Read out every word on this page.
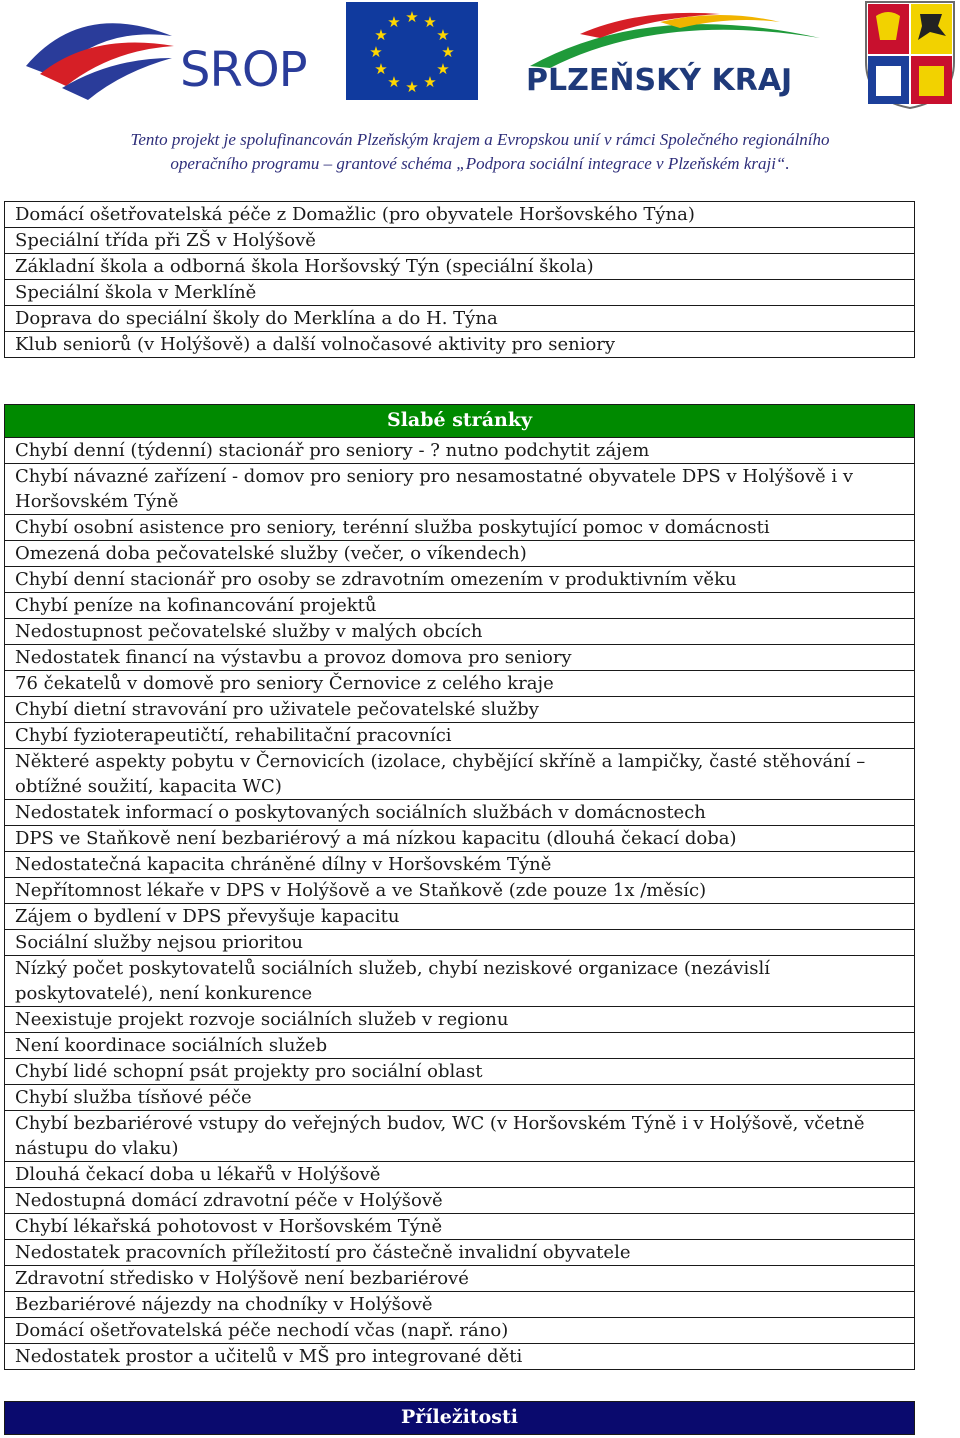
SROP
★ ★
★
★
★
★
★
★
★
★
★
★
PLZEŇSKÝ KRAJ
Tento projekt je spolufinancován Plzeňským krajem a Evropskou unií v rámci Společného regionálního
operačního programu – grantové schéma „Podpora sociální integrace v Plzeňském kraji“.
Domácí ošetřovatelská péče z Domažlic (pro obyvatele Horšovského Týna)
Speciální třída při ZŠ v Holýšově
Základní škola a odborná škola Horšovský Týn (speciální škola)
Speciální škola v Merklíně
Doprava do speciální školy do Merklína a do H. Týna
Klub seniorů (v Holýšově) a další volnočasové aktivity pro seniory
Slabé stránky
Chybí denní (týdenní) stacionář pro seniory - ? nutno podchytit zájem
Chybí návazné zařízení - domov pro seniory pro nesamostatné obyvatele DPS v Holýšově i v Horšovském Týně
Chybí osobní asistence pro seniory, terénní služba poskytující pomoc v domácnosti
Omezená doba pečovatelské služby (večer, o víkendech)
Chybí denní stacionář pro osoby se zdravotním omezením v produktivním věku
Chybí peníze na kofinancování projektů
Nedostupnost pečovatelské služby v malých obcích
Nedostatek financí na výstavbu a provoz domova pro seniory
76 čekatelů v domově pro seniory Černovice z celého kraje
Chybí dietní stravování pro uživatele pečovatelské služby
Chybí fyzioterapeutičtí, rehabilitační pracovníci
Některé aspekty pobytu v Černovicích (izolace, chybějící skříně a lampičky, časté stěhování – obtížné soužití, kapacita WC)
Nedostatek informací o poskytovaných sociálních službách v domácnostech
DPS ve Staňkově není bezbariérový a má nízkou kapacitu (dlouhá čekací doba)
Nedostatečná kapacita chráněné dílny v Horšovském Týně
Nepřítomnost lékaře v DPS v Holýšově a ve Staňkově (zde pouze 1x /měsíc)
Zájem o bydlení v DPS převyšuje kapacitu
Sociální služby nejsou prioritou
Nízký počet poskytovatelů sociálních služeb, chybí neziskové organizace (nezávislí poskytovatelé), není konkurence
Neexistuje projekt rozvoje sociálních služeb v regionu
Není koordinace sociálních služeb
Chybí lidé schopní psát projekty pro sociální oblast
Chybí služba tísňové péče
Chybí bezbariérové vstupy do veřejných budov, WC (v Horšovském Týně i v Holýšově, včetně nástupu do vlaku)
Dlouhá čekací doba u lékařů v Holýšově
Nedostupná domácí zdravotní péče v Holýšově
Chybí lékařská pohotovost v Horšovském Týně
Nedostatek pracovních příležitostí pro částečně invalidní obyvatele
Zdravotní středisko v Holýšově není bezbariérové
Bezbariérové nájezdy na chodníky v Holýšově
Domácí ošetřovatelská péče nechodí včas (např. ráno)
Nedostatek prostor a učitelů v MŠ pro integrované děti
Příležitosti
